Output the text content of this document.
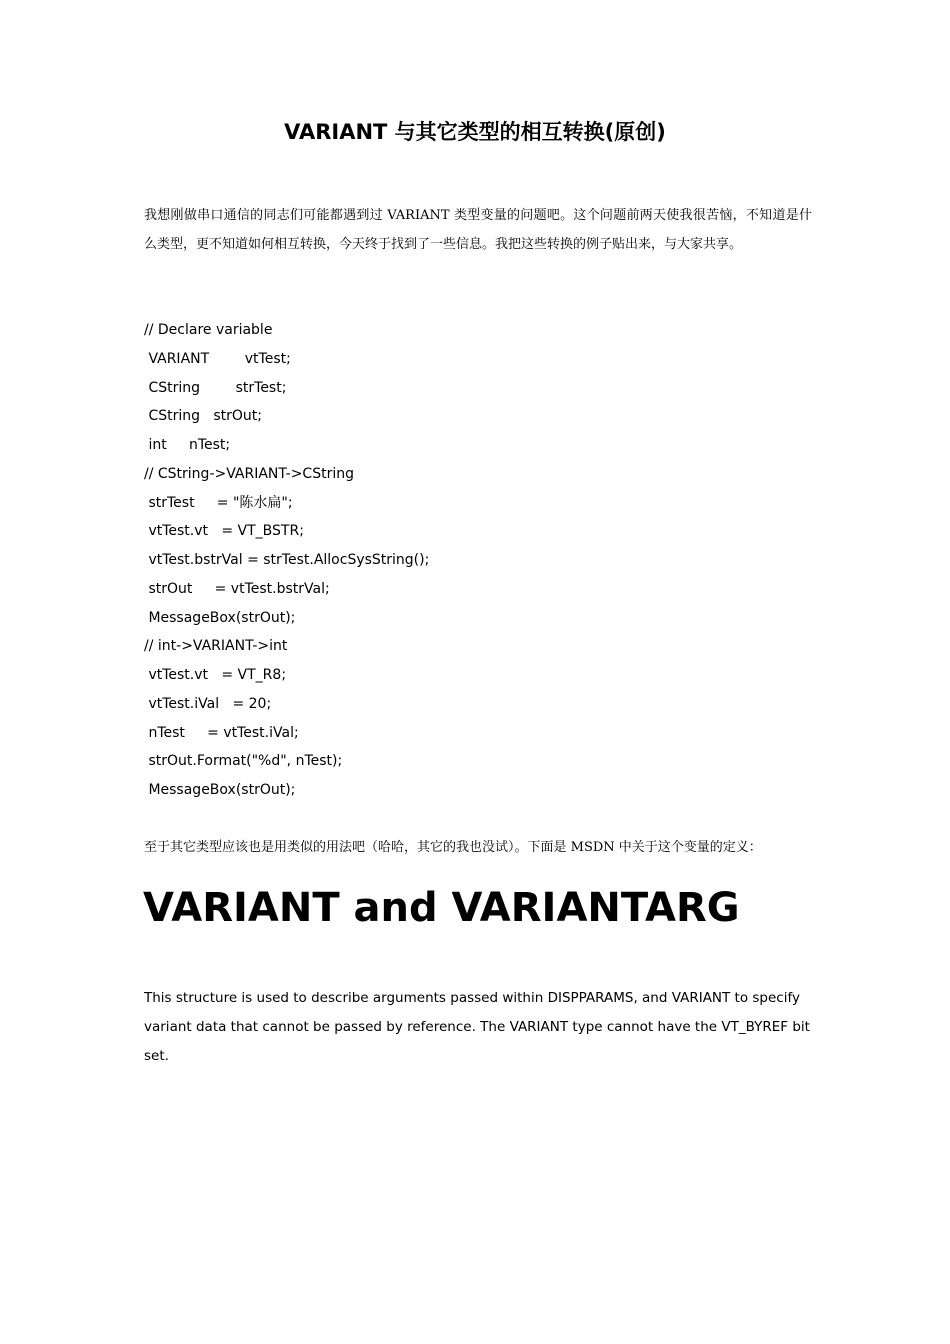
VARIANT 与其它类型的相互转换(原创)

我想刚做串口通信的同志们可能都遇到过 VARIANT 类型变量的问题吧。这个问题前两天使我很苦恼，不知道是什么类型，更不知道如何相互转换，今天终于找到了一些信息。我把这些转换的例子贴出来，与大家共享。

// Declare variable
VARIANT        vtTest;
CString        strTest;
CString   strOut;
int     nTest;
// CString->VARIANT->CString
strTest     = "陈水扁";
vtTest.vt   = VT_BSTR;
vtTest.bstrVal = strTest.AllocSysString();
strOut     = vtTest.bstrVal;
MessageBox(strOut);
// int->VARIANT->int
vtTest.vt   = VT_R8;
vtTest.iVal   = 20;
nTest     = vtTest.iVal;
strOut.Format("%d", nTest);
MessageBox(strOut);

至于其它类型应该也是用类似的用法吧（哈哈，其它的我也没试）。下面是 MSDN 中关于这个变量的定义：

VARIANT and VARIANTARG

This structure is used to describe arguments passed within DISPPARAMS, and VARIANT to specify variant data that cannot be passed by reference. The VARIANT type cannot have the VT_BYREF bit set.
